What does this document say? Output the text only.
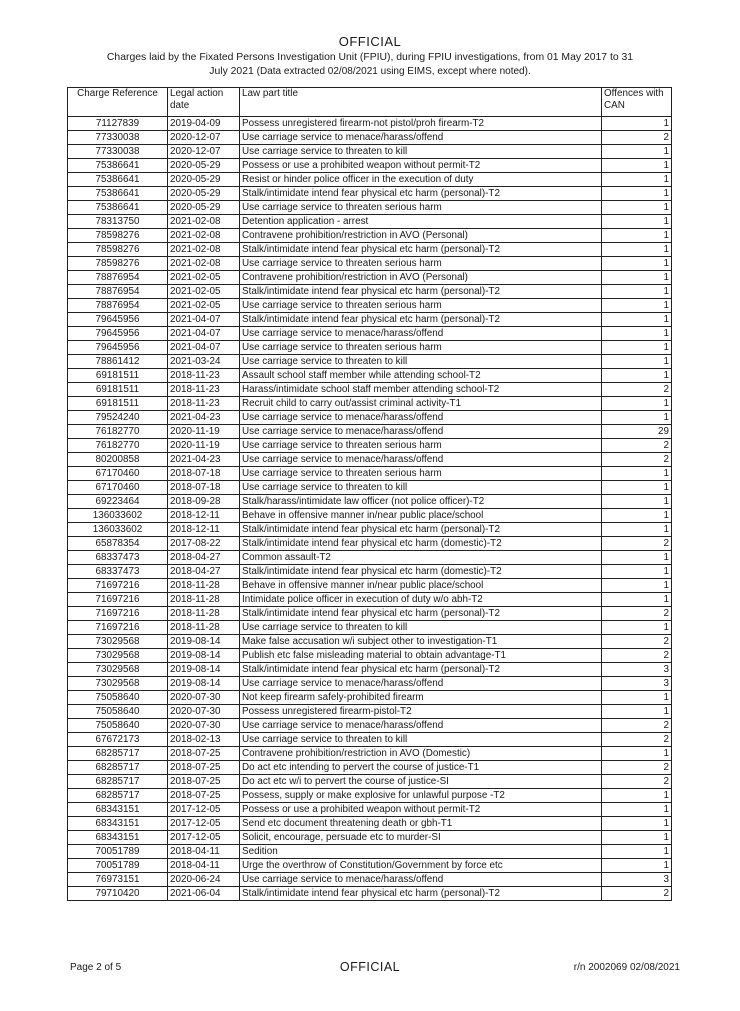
OFFICIAL
Charges laid by the Fixated Persons Investigation Unit (FPIU), during FPIU investigations, from 01 May 2017 to 31
July 2021 (Data extracted 02/08/2021 using EIMS, except where noted).
Charge Reference	Legal action date	Law part title	Offences with CAN
71127839	2019-04-09	Possess unregistered firearm-not pistol/proh firearm-T2	1
77330038	2020-12-07	Use carriage service to menace/harass/offend	2
77330038	2020-12-07	Use carriage service to threaten to kill	1
75386641	2020-05-29	Possess or use a prohibited weapon without permit-T2	1
75386641	2020-05-29	Resist or hinder police officer in the execution of duty	1
75386641	2020-05-29	Stalk/intimidate intend fear physical etc harm (personal)-T2	1
75386641	2020-05-29	Use carriage service to threaten serious harm	1
78313750	2021-02-08	Detention application - arrest	1
78598276	2021-02-08	Contravene prohibition/restriction in AVO (Personal)	1
78598276	2021-02-08	Stalk/intimidate intend fear physical etc harm (personal)-T2	1
78598276	2021-02-08	Use carriage service to threaten serious harm	1
78876954	2021-02-05	Contravene prohibition/restriction in AVO (Personal)	1
78876954	2021-02-05	Stalk/intimidate intend fear physical etc harm (personal)-T2	1
78876954	2021-02-05	Use carriage service to threaten serious harm	1
79645956	2021-04-07	Stalk/intimidate intend fear physical etc harm (personal)-T2	1
79645956	2021-04-07	Use carriage service to menace/harass/offend	1
79645956	2021-04-07	Use carriage service to threaten serious harm	1
78861412	2021-03-24	Use carriage service to threaten to kill	1
69181511	2018-11-23	Assault school staff member while attending school-T2	1
69181511	2018-11-23	Harass/intimidate school staff member attending school-T2	2
69181511	2018-11-23	Recruit child to carry out/assist criminal activity-T1	1
79524240	2021-04-23	Use carriage service to menace/harass/offend	1
76182770	2020-11-19	Use carriage service to menace/harass/offend	29
76182770	2020-11-19	Use carriage service to threaten serious harm	2
80200858	2021-04-23	Use carriage service to menace/harass/offend	2
67170460	2018-07-18	Use carriage service to threaten serious harm	1
67170460	2018-07-18	Use carriage service to threaten to kill	1
69223464	2018-09-28	Stalk/harass/intimidate law officer (not police officer)-T2	1
136033602	2018-12-11	Behave in offensive manner in/near public place/school	1
136033602	2018-12-11	Stalk/intimidate intend fear physical etc harm (personal)-T2	1
65878354	2017-08-22	Stalk/intimidate intend fear physical etc harm (domestic)-T2	2
68337473	2018-04-27	Common assault-T2	1
68337473	2018-04-27	Stalk/intimidate intend fear physical etc harm (domestic)-T2	1
71697216	2018-11-28	Behave in offensive manner in/near public place/school	1
71697216	2018-11-28	Intimidate police officer in execution of duty w/o abh-T2	1
71697216	2018-11-28	Stalk/intimidate intend fear physical etc harm (personal)-T2	2
71697216	2018-11-28	Use carriage service to threaten to kill	1
73029568	2019-08-14	Make false accusation w/i subject other to investigation-T1	2
73029568	2019-08-14	Publish etc false misleading material to obtain advantage-T1	2
73029568	2019-08-14	Stalk/intimidate intend fear physical etc harm (personal)-T2	3
73029568	2019-08-14	Use carriage service to menace/harass/offend	3
75058640	2020-07-30	Not keep firearm safely-prohibited firearm	1
75058640	2020-07-30	Possess unregistered firearm-pistol-T2	1
75058640	2020-07-30	Use carriage service to menace/harass/offend	2
67672173	2018-02-13	Use carriage service to threaten to kill	2
68285717	2018-07-25	Contravene prohibition/restriction in AVO (Domestic)	1
68285717	2018-07-25	Do act etc intending to pervert the course of justice-T1	2
68285717	2018-07-25	Do act etc w/i to pervert the course of justice-SI	2
68285717	2018-07-25	Possess, supply or make explosive for unlawful purpose -T2	1
68343151	2017-12-05	Possess or use a prohibited weapon without permit-T2	1
68343151	2017-12-05	Send etc document threatening death or gbh-T1	1
68343151	2017-12-05	Solicit, encourage, persuade etc to murder-SI	1
70051789	2018-04-11	Sedition	1
70051789	2018-04-11	Urge the overthrow of Constitution/Government by force etc	1
76973151	2020-06-24	Use carriage service to menace/harass/offend	3
79710420	2021-06-04	Stalk/intimidate intend fear physical etc harm (personal)-T2	2
Page 2 of 5	OFFICIAL	r/n 2002069 02/08/2021
